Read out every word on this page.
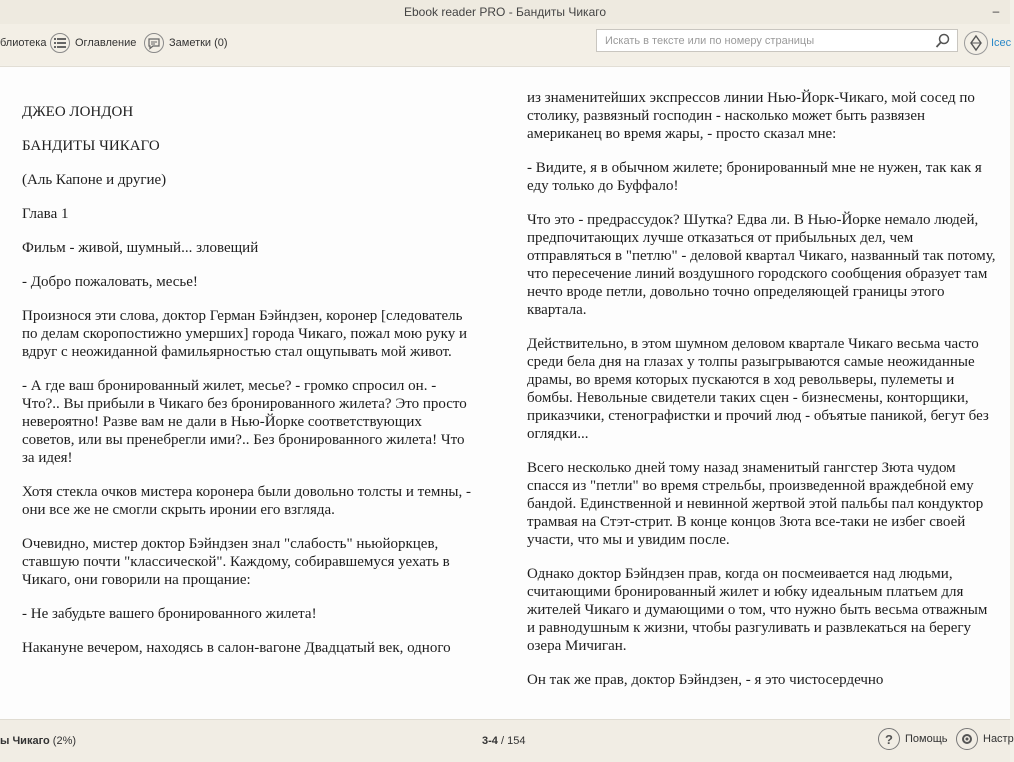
Ebook reader PRO - Бандиты Чикаго	–
блиотека	Оглавление	Заметки (0)
Искать в тексте или по номеру страницы	Icec

ДЖЕО ЛОНДОН

БАНДИТЫ ЧИКАГО

(Аль Капоне и другие)

Глава 1

Фильм - живой, шумный... зловещий

- Добро пожаловать, месье!

Произнося эти слова, доктор Герман Бэйндзен, коронер [следователь по делам скоропостижно умерших] города Чикаго, пожал мою руку и вдруг с неожиданной фамильярностью стал ощупывать мой живот.

- А где ваш бронированный жилет, месье? - громко спросил он. - Что?.. Вы прибыли в Чикаго без бронированного жилета? Это просто невероятно! Разве вам не дали в Нью-Йорке соответствующих советов, или вы пренебрегли ими?.. Без бронированного жилета! Что за идея!

Хотя стекла очков мистера коронера были довольно толсты и темны, - они все же не смогли скрыть иронии его взгляда.

Очевидно, мистер доктор Бэйндзен знал "слабость" ньюйоркцев, ставшую почти "классической". Каждому, собиравшемуся уехать в Чикаго, они говорили на прощание:

- Не забудьте вашего бронированного жилета!

Накануне вечером, находясь в салон-вагоне Двадцатый век, одного

из знаменитейших экспрессов линии Нью-Йорк-Чикаго, мой сосед по столику, развязный господин - насколько может быть развязен американец во время жары, - просто сказал мне:

- Видите, я в обычном жилете; бронированный мне не нужен, так как я еду только до Буффало!

Что это - предрассудок? Шутка? Едва ли. В Нью-Йорке немало людей, предпочитающих лучше отказаться от прибыльных дел, чем отправляться в "петлю" - деловой квартал Чикаго, названный так потому, что пересечение линий воздушного городского сообщения образует там нечто вроде петли, довольно точно определяющей границы этого квартала.

Действительно, в этом шумном деловом квартале Чикаго весьма часто среди бела дня на глазах у толпы разыгрываются самые неожиданные драмы, во время которых пускаются в ход револьверы, пулеметы и бомбы. Невольные свидетели таких сцен - бизнесмены, конторщики, приказчики, стенографистки и прочий люд - объятые паникой, бегут без оглядки...

Всего несколько дней тому назад знаменитый гангстер Зюта чудом спасся из "петли" во время стрельбы, произведенной враждебной ему бандой. Единственной и невинной жертвой этой пальбы пал кондуктор трамвая на Стэт-стрит. В конце концов Зюта все-таки не избег своей участи, что мы и увидим после.

Однако доктор Бэйндзен прав, когда он посмеивается над людьми, считающими бронированный жилет и юбку идеальным платьем для жителей Чикаго и думающими о том, что нужно быть весьма отважным и равнодушным к жизни, чтобы разгуливать и развлекаться на берегу озера Мичиган.

Он так же прав, доктор Бэйндзен, - я это чистосердечно

ы Чикаго (2%)	3-4 / 154	?	Помощь	Настр
